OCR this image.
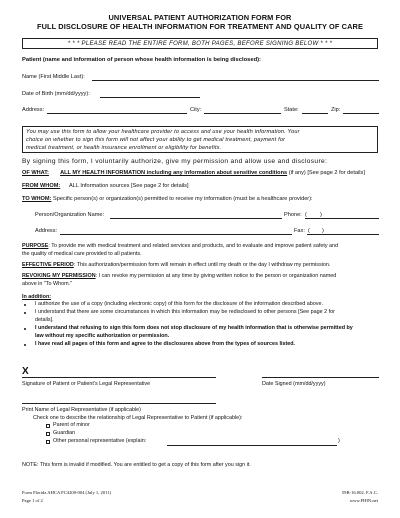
UNIVERSAL PATIENT AUTHORIZATION FORM FOR
FULL DISCLOSURE OF HEALTH INFORMATION FOR TREATMENT AND QUALITY OF CARE
* * * PLEASE READ THE ENTIRE FORM, BOTH PAGES, BEFORE SIGNING BELOW * * *
Patient (name and information of person whose health information is being disclosed):
Name (First Middle Last):
Date of Birth (mm/dd/yyyy):
Address:	City:	State:	Zip:
You may use this form to allow your healthcare provider to access and use your health information. Your
choice on whether to sign this form will not affect your ability to get medical treatment, payment for
medical treatment, or health insurance enrollment or eligibility for benefits.
By signing this form, I voluntarily authorize, give my permission and allow use and disclosure:
OF WHAT: ALL MY HEALTH INFORMATION including any information about sensitive conditions (if any) [See page 2 for details]
FROM WHOM: ALL Information sources [See page 2 for details]
TO WHOM: Specific person(s) or organization(s) permitted to receive my information (must be a healthcare provider):
Person/Organization Name:	Phone: ( )
Address:	Fax: ( )
PURPOSE: To provide me with medical treatment and related services and products, and to evaluate and improve patient safety and
the quality of medical care provided to all patients.
EFFECTIVE PERIOD: This authorization/permission form will remain in effect until my death or the day I withdraw my permission.
REVOKING MY PERMISSION: I can revoke my permission at any time by giving written notice to the person or organization named
above in "To Whom."
In addition:
I authorize the use of a copy (including electronic copy) of this form for the disclosure of the information described above.
I understand that there are some circumstances in which this information may be redisclosed to other persons [See page 2 for
details].
I understand that refusing to sign this form does not stop disclosure of my health information that is otherwise permitted by
law without my specific authorization or permission.
I have read all pages of this form and agree to the disclosures above from the types of sources listed.
X
Signature of Patient or Patient's Legal Representative	Date Signed (mm/dd/yyyy)
Print Name of Legal Representative (if applicable)
Check one to describe the relationship of Legal Representative to Patient (if applicable):
Parent of minor
Guardian
Other personal representative (explain:	)
NOTE: This form is invalid if modified. You are entitled to get a copy of this form after you sign it.
Form Florida AHCA FC4200-004 (July 1, 2011)
Page 1 of 2
59B-16.002, F.A.C.
www.FHIN.net
